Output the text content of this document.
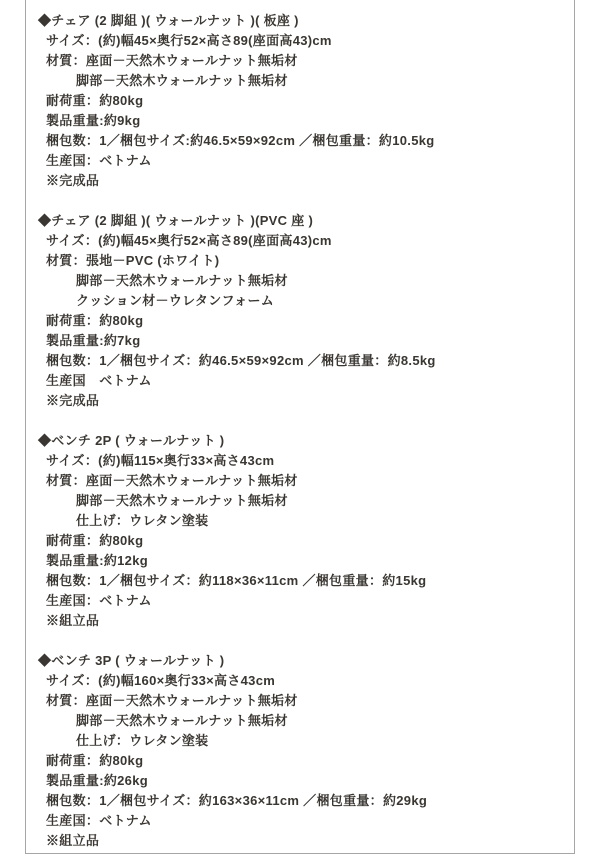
◆チェア (2 脚組 )( ウォールナット )( 板座 )
サイズ：(約)幅45×奥行52×高さ89(座面高43)cm
材質：座面－天然木ウォールナット無垢材
脚部－天然木ウォールナット無垢材
耐荷重：約80kg
製品重量:約9kg
梱包数：1／梱包サイズ:約46.5×59×92cm ／梱包重量：約10.5kg
生産国：ベトナム
※完成品
◆チェア (2 脚組 )( ウォールナット )(PVC 座 )
サイズ：(約)幅45×奥行52×高さ89(座面高43)cm
材質：張地－PVC (ホワイト)
脚部－天然木ウォールナット無垢材
クッション材－ウレタンフォーム
耐荷重：約80kg
製品重量:約7kg
梱包数：1／梱包サイズ：約46.5×59×92cm ／梱包重量：約8.5kg
生産国　ベトナム
※完成品
◆ベンチ 2P ( ウォールナット )
サイズ：(約)幅115×奥行33×高さ43cm
材質：座面－天然木ウォールナット無垢材
脚部－天然木ウォールナット無垢材
仕上げ：ウレタン塗装
耐荷重：約80kg
製品重量:約12kg
梱包数：1／梱包サイズ：約118×36×11cm ／梱包重量：約15kg
生産国：ベトナム
※組立品
◆ベンチ 3P ( ウォールナット )
サイズ：(約)幅160×奥行33×高さ43cm
材質：座面－天然木ウォールナット無垢材
脚部－天然木ウォールナット無垢材
仕上げ：ウレタン塗装
耐荷重：約80kg
製品重量:約26kg
梱包数：1／梱包サイズ：約163×36×11cm ／梱包重量：約29kg
生産国：ベトナム
※組立品
